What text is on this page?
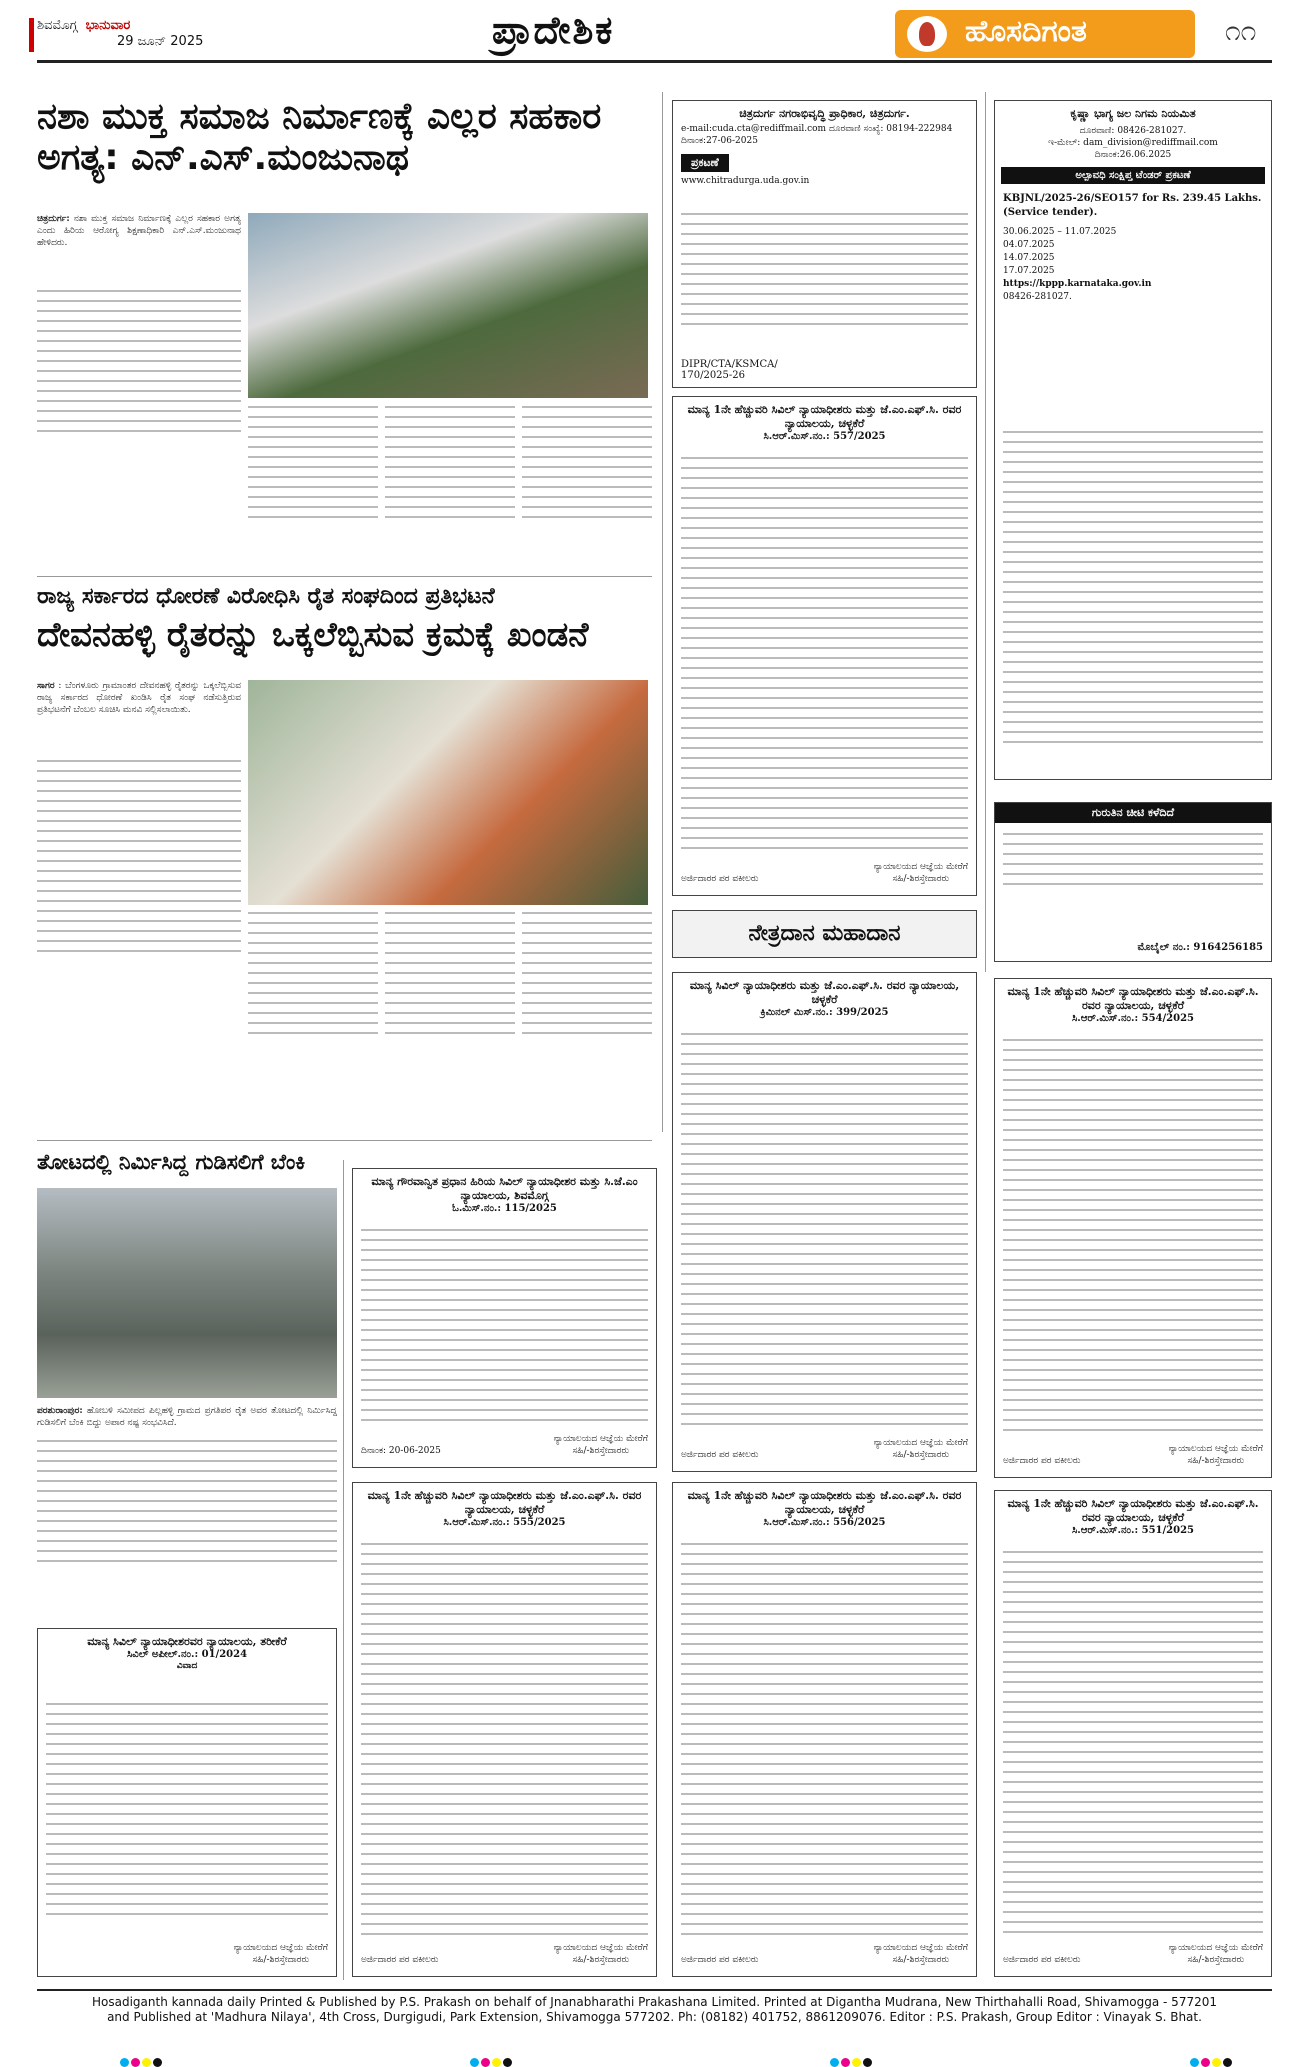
ಶಿವಮೊಗ್ಗ ಭಾನುವಾರ
29 ಜೂನ್ 2025	ಪ್ರಾದೇಶಿಕ	ಹೊಸದಿಗಂತ	೧೧
ನಶಾ ಮುಕ್ತ ಸಮಾಜ ನಿರ್ಮಾಣಕ್ಕೆ ಎಲ್ಲರ ಸಹಕಾರ ಅಗತ್ಯ: ಎನ್.ಎಸ್.ಮಂಜುನಾಥ
ಚಿತ್ರದುರ್ಗ: ನಶಾ ಮುಕ್ತ ಸಮಾಜ ನಿರ್ಮಾಣಕ್ಕೆ ಎಲ್ಲರ ಸಹಕಾರ ಅಗತ್ಯ ಎಂದು ಹಿರಿಯ ಆರೋಗ್ಯ ಶಿಕ್ಷಣಾಧಿಕಾರಿ ಎನ್.ಎಸ್.ಮಂಜುನಾಥ ಹೇಳಿದರು.
ರಾಜ್ಯ ಸರ್ಕಾರದ ಧೋರಣೆ ವಿರೋಧಿಸಿ ರೈತ ಸಂಘದಿಂದ ಪ್ರತಿಭಟನೆ
ದೇವನಹಳ್ಳಿ ರೈತರನ್ನು ಒಕ್ಕಲೆಬ್ಬಿಸುವ ಕ್ರಮಕ್ಕೆ ಖಂಡನೆ
ಸಾಗರ : ಬೆಂಗಳೂರು ಗ್ರಾಮಾಂತರ ದೇವನಹಳ್ಳಿ ರೈತರನ್ನು ಒಕ್ಕಲೆಬ್ಬಿಸುವ ರಾಜ್ಯ ಸರ್ಕಾರದ ಧೋರಣೆ ಖಂಡಿಸಿ ರೈತ ಸಂಘ ನಡೆಸುತ್ತಿರುವ ಪ್ರತಿಭಟನೆಗೆ ಬೆಂಬಲ ಸೂಚಿಸಿ ಮನವಿ ಸಲ್ಲಿಸಲಾಯಿತು.
ತೋಟದಲ್ಲಿ ನಿರ್ಮಿಸಿದ್ದ ಗುಡಿಸಲಿಗೆ ಬೆಂಕಿ
ಪರಶುರಾಂಪುರ: ಹೋಬಳಿ ಸಮೀಪದ ಪಿಲ್ಲಹಳ್ಳಿ ಗ್ರಾಮದ ಪ್ರಗತಿಪರ ರೈತ ಅವರ ತೋಟದಲ್ಲಿ ನಿರ್ಮಿಸಿದ್ದ ಗುಡಿಸಲಿಗೆ ಬೆಂಕಿ ಬಿದ್ದು ಅಪಾರ ನಷ್ಟ ಸಂಭವಿಸಿದೆ.
ಚಿತ್ರದುರ್ಗ ನಗರಾಭಿವೃದ್ಧಿ ಪ್ರಾಧಿಕಾರ, ಚಿತ್ರದುರ್ಗ.
e-mail:cuda.cta@rediffmail.com ದೂರವಾಣಿ ಸಂಖ್ಯೆ: 08194-222984
ದಿನಾಂಕ:27-06-2025
ಪ್ರಕಟಣೆ
www.chitradurga.uda.gov.in
DIPR/CTA/KSMCA/ 170/2025-26
ಕೃಷ್ಣಾ ಭಾಗ್ಯ ಜಲ ನಿಗಮ ನಿಯಮಿತ
ದೂರವಾಣಿ: 08426-281027.
ಇ-ಮೇಲ್: dam_division@rediffmail.com
ದಿನಾಂಕ:26.06.2025
ಅಲ್ಪಾವಧಿ ಸಂಕ್ಷಿಪ್ತ ಟೆಂಡರ್ ಪ್ರಕಟಣೆ
KBJNL/2025-26/SEO157 for Rs. 239.45 Lakhs.(Service tender).
30.06.2025 – 11.07.2025
04.07.2025
14.07.2025
17.07.2025
https://kppp.karnataka.gov.in
08426-281027.
ಗುರುತಿನ ಚೀಟಿ ಕಳೆದಿದೆ
ಮೊಬೈಲ್ ನಂ.: 9164256185
ಮಾನ್ಯ 1ನೇ ಹೆಚ್ಚುವರಿ ಸಿವಿಲ್ ನ್ಯಾಯಾಧೀಶರು ಮತ್ತು ಜೆ.ಎಂ.ಎಫ್.ಸಿ. ರವರ ನ್ಯಾಯಾಲಯ, ಚಳ್ಳಕೆರೆ
ಸಿ.ಆರ್.ಮಿಸ್.ನಂ.: 557/2025
ಅರ್ಜಿದಾರರ ಪರ ವಕೀಲರು
ನ್ಯಾಯಾಲಯದ ಆಜ್ಞೆಯ ಮೇರೆಗೆ
ಸಹಿ/-ಶಿರಸ್ತೇದಾರರು
ನೇತ್ರದಾನ ಮಹಾದಾನ
ಮಾನ್ಯ ಸಿವಿಲ್ ನ್ಯಾಯಾಧೀಶರು ಮತ್ತು ಜೆ.ಎಂ.ಎಫ್.ಸಿ. ರವರ ನ್ಯಾಯಾಲಯ, ಚಳ್ಳಕೆರೆ
ಕ್ರಿಮಿನಲ್ ಮಿಸ್.ನಂ.: 399/2025
ಅರ್ಜಿದಾರರ ಪರ ವಕೀಲರು
ನ್ಯಾಯಾಲಯದ ಆಜ್ಞೆಯ ಮೇರೆಗೆ
ಸಹಿ/-ಶಿರಸ್ತೇದಾರರು
ಮಾನ್ಯ 1ನೇ ಹೆಚ್ಚುವರಿ ಸಿವಿಲ್ ನ್ಯಾಯಾಧೀಶರು ಮತ್ತು ಜೆ.ಎಂ.ಎಫ್.ಸಿ. ರವರ ನ್ಯಾಯಾಲಯ, ಚಳ್ಳಕೆರೆ
ಸಿ.ಆರ್.ಮಿಸ್.ನಂ.: 554/2025
ಅರ್ಜಿದಾರರ ಪರ ವಕೀಲರು
ನ್ಯಾಯಾಲಯದ ಆಜ್ಞೆಯ ಮೇರೆಗೆ
ಸಹಿ/-ಶಿರಸ್ತೇದಾರರು
ಮಾನ್ಯ ಗೌರವಾನ್ವಿತ ಪ್ರಧಾನ ಹಿರಿಯ ಸಿವಿಲ್ ನ್ಯಾಯಾಧೀಶರ ಮತ್ತು ಸಿ.ಜೆ.ಎಂ ನ್ಯಾಯಾಲಯ, ಶಿವಮೊಗ್ಗ
ಓ.ಮಿಸ್.ನಂ.: 115/2025
ದಿನಾಂಕ: 20-06-2025
ನ್ಯಾಯಾಲಯದ ಆಜ್ಞೆಯ ಮೇರೆಗೆ
ಸಹಿ/-ಶಿರಸ್ತೇದಾರರು
ಮಾನ್ಯ 1ನೇ ಹೆಚ್ಚುವರಿ ಸಿವಿಲ್ ನ್ಯಾಯಾಧೀಶರು ಮತ್ತು ಜೆ.ಎಂ.ಎಫ್.ಸಿ. ರವರ ನ್ಯಾಯಾಲಯ, ಚಳ್ಳಕೆರೆ
ಸಿ.ಆರ್.ಮಿಸ್.ನಂ.: 555/2025
ಅರ್ಜಿದಾರರ ಪರ ವಕೀಲರು
ನ್ಯಾಯಾಲಯದ ಆಜ್ಞೆಯ ಮೇರೆಗೆ
ಸಹಿ/-ಶಿರಸ್ತೇದಾರರು
ಮಾನ್ಯ 1ನೇ ಹೆಚ್ಚುವರಿ ಸಿವಿಲ್ ನ್ಯಾಯಾಧೀಶರು ಮತ್ತು ಜೆ.ಎಂ.ಎಫ್.ಸಿ. ರವರ ನ್ಯಾಯಾಲಯ, ಚಳ್ಳಕೆರೆ
ಸಿ.ಆರ್.ಮಿಸ್.ನಂ.: 556/2025
ಅರ್ಜಿದಾರರ ಪರ ವಕೀಲರು
ನ್ಯಾಯಾಲಯದ ಆಜ್ಞೆಯ ಮೇರೆಗೆ
ಸಹಿ/-ಶಿರಸ್ತೇದಾರರು
ಮಾನ್ಯ 1ನೇ ಹೆಚ್ಚುವರಿ ಸಿವಿಲ್ ನ್ಯಾಯಾಧೀಶರು ಮತ್ತು ಜೆ.ಎಂ.ಎಫ್.ಸಿ. ರವರ ನ್ಯಾಯಾಲಯ, ಚಳ್ಳಕೆರೆ
ಸಿ.ಆರ್.ಮಿಸ್.ನಂ.: 551/2025
ಅರ್ಜಿದಾರರ ಪರ ವಕೀಲರು
ನ್ಯಾಯಾಲಯದ ಆಜ್ಞೆಯ ಮೇರೆಗೆ
ಸಹಿ/-ಶಿರಸ್ತೇದಾರರು
ಮಾನ್ಯ ಸಿವಿಲ್ ನ್ಯಾಯಾಧೀಶರವರ ನ್ಯಾಯಾಲಯ, ತರೀಕೆರೆ
ಸಿವಿಲ್ ಅಪೀಲ್.ನಂ.: 01/2024
ವಿವಾದ
ನ್ಯಾಯಾಲಯದ ಆಜ್ಞೆಯ ಮೇರೆಗೆ
ಸಹಿ/-ಶಿರಸ್ತೇದಾರರು
Hosadiganth kannada daily Printed & Published by P.S. Prakash on behalf of Jnanabharathi Prakashana Limited. Printed at Digantha Mudrana, New Thirthahalli Road, Shivamogga - 577201
and Published at 'Madhura Nilaya', 4th Cross, Durgigudi, Park Extension, Shivamogga 577202. Ph: (08182) 401752, 8861209076. Editor : P.S. Prakash, Group Editor : Vinayak S. Bhat.
